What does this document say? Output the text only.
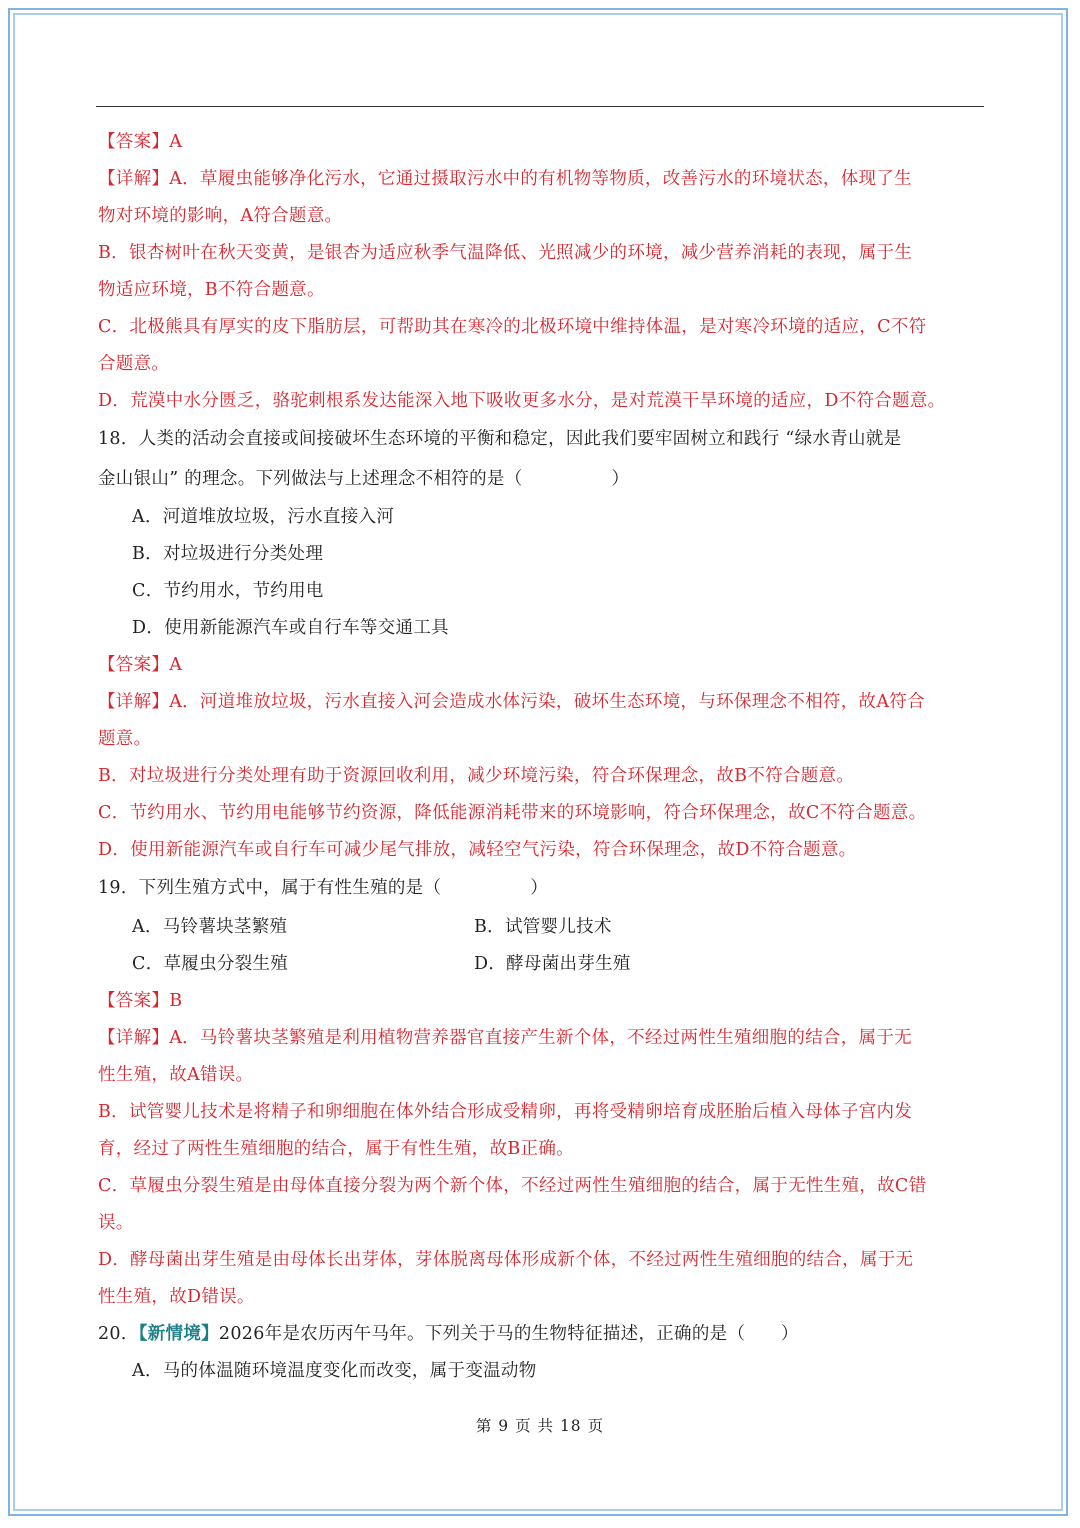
【答案】A
【详解】A．草履虫能够净化污水，它通过摄取污水中的有机物等物质，改善污水的环境状态，体现了生
物对环境的影响，A符合题意。
B．银杏树叶在秋天变黄，是银杏为适应秋季气温降低、光照减少的环境，减少营养消耗的表现，属于生
物适应环境，B不符合题意。
C．北极熊具有厚实的皮下脂肪层，可帮助其在寒冷的北极环境中维持体温，是对寒冷环境的适应，C不符
合题意。
D．荒漠中水分匮乏，骆驼刺根系发达能深入地下吸收更多水分，是对荒漠干旱环境的适应，D不符合题意。
18．人类的活动会直接或间接破坏生态环境的平衡和稳定，因此我们要牢固树立和践行 “绿水青山就是
金山银山” 的理念。下列做法与上述理念不相符的是（　　　　　）
A．河道堆放垃圾，污水直接入河
B．对垃圾进行分类处理
C．节约用水，节约用电
D．使用新能源汽车或自行车等交通工具
【答案】A
【详解】A．河道堆放垃圾，污水直接入河会造成水体污染，破坏生态环境，与环保理念不相符，故A符合
题意。
B．对垃圾进行分类处理有助于资源回收利用，减少环境污染，符合环保理念，故B不符合题意。
C．节约用水、节约用电能够节约资源，降低能源消耗带来的环境影响，符合环保理念，故C不符合题意。
D．使用新能源汽车或自行车可减少尾气排放，减轻空气污染，符合环保理念，故D不符合题意。
19．下列生殖方式中，属于有性生殖的是（　　　　　）
A．马铃薯块茎繁殖	B．试管婴儿技术
C．草履虫分裂生殖	D．酵母菌出芽生殖
【答案】B
【详解】A．马铃薯块茎繁殖是利用植物营养器官直接产生新个体，不经过两性生殖细胞的结合，属于无
性生殖，故A错误。
B．试管婴儿技术是将精子和卵细胞在体外结合形成受精卵，再将受精卵培育成胚胎后植入母体子宫内发
育，经过了两性生殖细胞的结合，属于有性生殖，故B正确。
C．草履虫分裂生殖是由母体直接分裂为两个新个体，不经过两性生殖细胞的结合，属于无性生殖，故C错
误。
D．酵母菌出芽生殖是由母体长出芽体，芽体脱离母体形成新个体，不经过两性生殖细胞的结合，属于无
性生殖，故D错误。
20．【新情境】2026年是农历丙午马年。下列关于马的生物特征描述，正确的是（　　）
A．马的体温随环境温度变化而改变，属于变温动物
第 9 页 共 18 页
